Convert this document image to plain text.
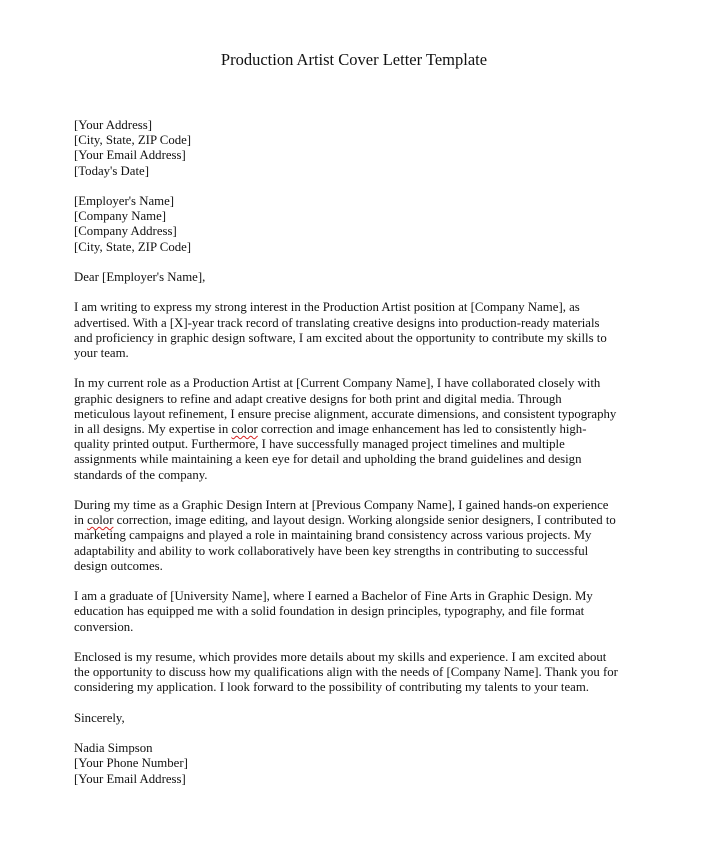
Production Artist Cover Letter Template
[Your Address]
[City, State, ZIP Code]
[Your Email Address]
[Today's Date]
[Employer's Name]
[Company Name]
[Company Address]
[City, State, ZIP Code]
Dear [Employer's Name],
I am writing to express my strong interest in the Production Artist position at [Company Name], as
advertised. With a [X]-year track record of translating creative designs into production-ready materials
and proficiency in graphic design software, I am excited about the opportunity to contribute my skills to
your team.
In my current role as a Production Artist at [Current Company Name], I have collaborated closely with
graphic designers to refine and adapt creative designs for both print and digital media. Through
meticulous layout refinement, I ensure precise alignment, accurate dimensions, and consistent typography
in all designs. My expertise in color correction and image enhancement has led to consistently high-
quality printed output. Furthermore, I have successfully managed project timelines and multiple
assignments while maintaining a keen eye for detail and upholding the brand guidelines and design
standards of the company.
During my time as a Graphic Design Intern at [Previous Company Name], I gained hands-on experience
in color correction, image editing, and layout design. Working alongside senior designers, I contributed to
marketing campaigns and played a role in maintaining brand consistency across various projects. My
adaptability and ability to work collaboratively have been key strengths in contributing to successful
design outcomes.
I am a graduate of [University Name], where I earned a Bachelor of Fine Arts in Graphic Design. My
education has equipped me with a solid foundation in design principles, typography, and file format
conversion.
Enclosed is my resume, which provides more details about my skills and experience. I am excited about
the opportunity to discuss how my qualifications align with the needs of [Company Name]. Thank you for
considering my application. I look forward to the possibility of contributing my talents to your team.
Sincerely,
Nadia Simpson
[Your Phone Number]
[Your Email Address]
